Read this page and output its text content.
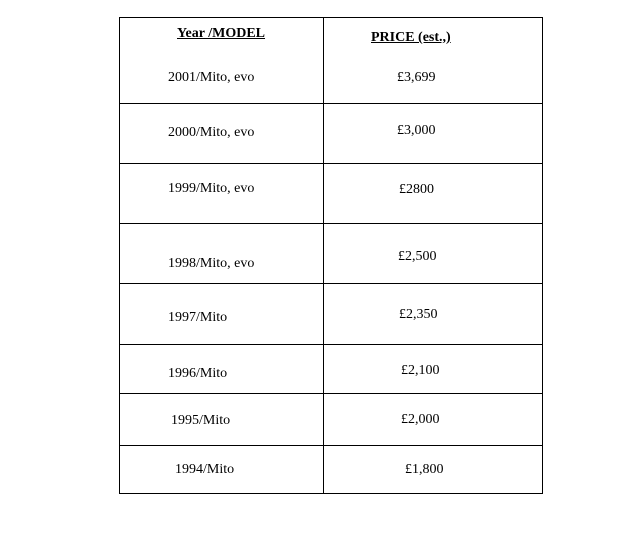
Year /MODEL	PRICE (est.,)
2001/Mito, evo	£3,699
2000/Mito, evo	£3,000
1999/Mito, evo	£2800
1998/Mito, evo	£2,500
1997/Mito	£2,350
1996/Mito	£2,100
1995/Mito	£2,000
1994/Mito	£1,800
